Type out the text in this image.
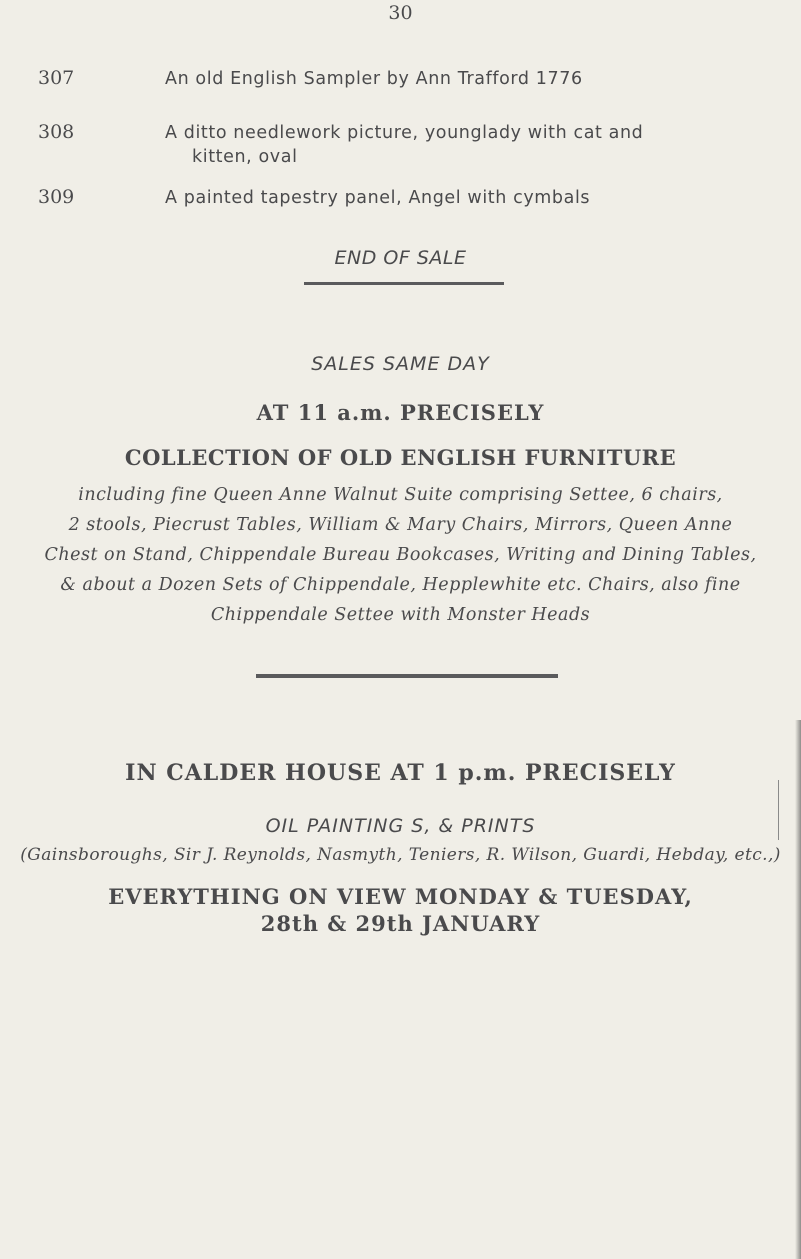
30
307	An old English Sampler by Ann Trafford 1776
308	A ditto needlework picture, younglady with cat and
kitten, oval
309	A painted tapestry panel, Angel with cymbals
END OF SALE
SALES SAME DAY
AT 11 a.m. PRECISELY
COLLECTION OF OLD ENGLISH FURNITURE
including fine Queen Anne Walnut Suite comprising Settee, 6 chairs,
2 stools, Piecrust Tables, William & Mary Chairs, Mirrors, Queen Anne
Chest on Stand, Chippendale Bureau Bookcases, Writing and Dining Tables,
& about a Dozen Sets of Chippendale, Hepplewhite etc. Chairs, also fine
Chippendale Settee with Monster Heads
IN CALDER HOUSE AT 1 p.m. PRECISELY
OIL PAINTING S, & PRINTS
(Gainsboroughs, Sir J. Reynolds, Nasmyth, Teniers, R. Wilson, Guardi, Hebday, etc.,)
EVERYTHING ON VIEW MONDAY & TUESDAY,
28th & 29th JANUARY
